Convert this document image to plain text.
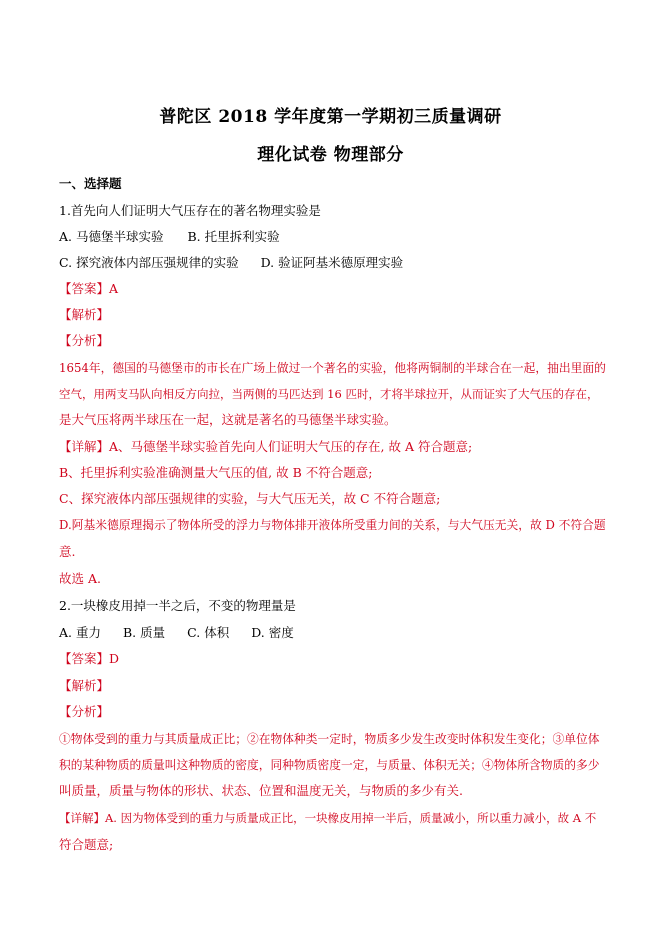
普陀区 2018 学年度第一学期初三质量调研
理化试卷 物理部分
一、选择题
1.首先向人们证明大气压存在的著名物理实验是
A. 马德堡半球实验 B. 托里拆利实验
C. 探究液体内部压强规律的实验 D. 验证阿基米德原理实验
【答案】A
【解析】
【分析】
1654年，德国的马德堡市的市长在广场上做过一个著名的实验，他将两铜制的半球合在一起，抽出里面的
空气，用两支马队向相反方向拉，当两侧的马匹达到 16 匹时，才将半球拉开，从而证实了大气压的存在，
是大气压将两半球压在一起，这就是著名的马德堡半球实验。
【详解】A、马德堡半球实验首先向人们证明大气压的存在, 故 A 符合题意;
B、托里拆利实验准确测量大气压的值, 故 B 不符合题意;
C、探究液体内部压强规律的实验，与大气压无关，故 C 不符合题意;
D.阿基米德原理揭示了物体所受的浮力与物体排开液体所受重力间的关系，与大气压无关，故 D 不符合题
意.
故选 A.
2.一块橡皮用掉一半之后，不变的物理量是
A. 重力 B. 质量 C. 体积 D. 密度
【答案】D
【解析】
【分析】
①物体受到的重力与其质量成正比；②在物体种类一定时，物质多少发生改变时体积发生变化；③单位体
积的某种物质的质量叫这种物质的密度，同种物质密度一定，与质量、体积无关；④物体所含物质的多少
叫质量，质量与物体的形状、状态、位置和温度无关，与物质的多少有关.
【详解】A. 因为物体受到的重力与质量成正比，一块橡皮用掉一半后，质量减小，所以重力减小，故 A 不
符合题意;
